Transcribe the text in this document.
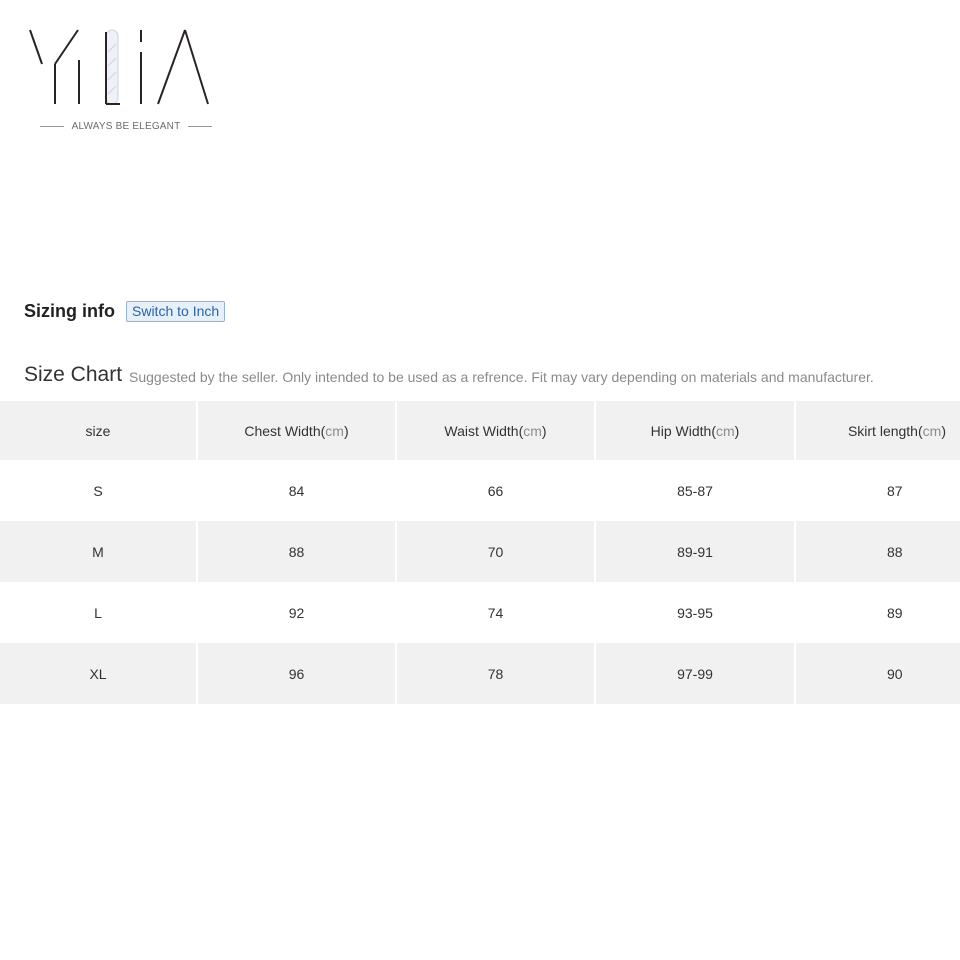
ALWAYS BE ELEGANT
Sizing info	Switch to Inch
Size Chart Suggested by the seller. Only intended to be used as a refrence. Fit may vary depending on materials and manufacturer.
size	Chest Width ( cm )	Waist Width ( cm )	Hip Width ( cm )	Skirt length ( cm )
S	84	66	85-87	87
M	88	70	89-91	88
L	92	74	93-95	89
XL	96	78	97-99	90
